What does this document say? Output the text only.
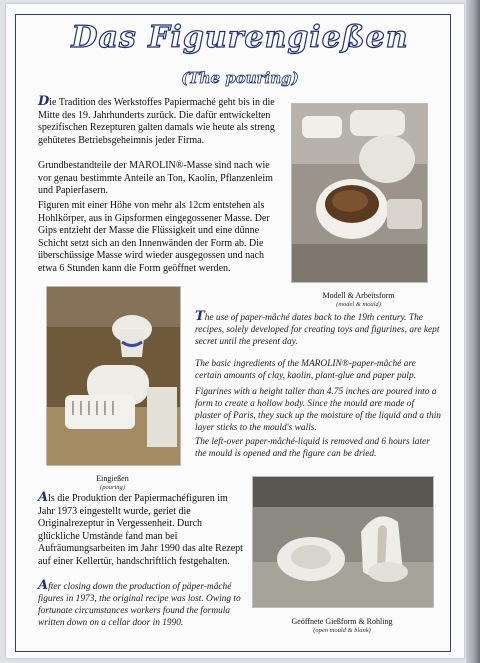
Das Figurengießen
(The pouring)

Die Tradition des Werkstoffes Papiermaché geht bis in die Mitte des 19. Jahrhunderts zurück. Die dafür entwickelten spezifischen Rezepturen galten damals wie heute als streng gehütetes Betriebsgeheimnis jeder Firma.

Grundbestandteile der MAROLIN®-Masse sind nach wie vor genau bestimmte Anteile an Ton, Kaolin, Pflanzenleim und Papierfasern.

Figuren mit einer Höhe von mehr als 12cm entstehen als Hohlkörper, aus in Gipsformen eingegossener Masse. Der Gips entzieht der Masse die Flüssigkeit und eine dünne Schicht setzt sich an den Innenwänden der Form ab. Die überschüssige Masse wird wieder ausgegossen und nach etwa 6 Stunden kann die Form geöffnet werden.

Modell & Arbeitsform
(model & mould)
Eingießen
(pouring)

The use of paper-mâché dates back to the 19th century. The recipes, solely developed for creating toys and figurines, are kept secret until the present day.

The basic ingredients of the MAROLIN®-paper-mâché are certain amounts of clay, kaolin, plant-glue and paper pulp.

Figurines with a height taller than 4.75 inches are poured into a form to create a hollow body. Since the mould are made of plaster of Paris, they suck up the moisture of the liquid and a thin layer sticks to the mould's walls.

The left-over paper-mâché-liquid is removed and 6 hours later the mould is opened and the figure can be dried.

Als die Produktion der Papiermachéfiguren im Jahr 1973 eingestellt wurde, geriet die Originalrezeptur in Vergessenheit. Durch glückliche Umstände fand man bei Aufräumungsarbeiten im Jahr 1990 das alte Rezept auf einer Kellertür, handschriftlich festgehalten.

After closing down the production of päper-mâché figures in 1973, the original recipe was lost. Owing to fortunate circumstances workers found the formula written down on a cellar door in 1990.	Geöffnete Gießform & Rohling
(open mould & blank)
